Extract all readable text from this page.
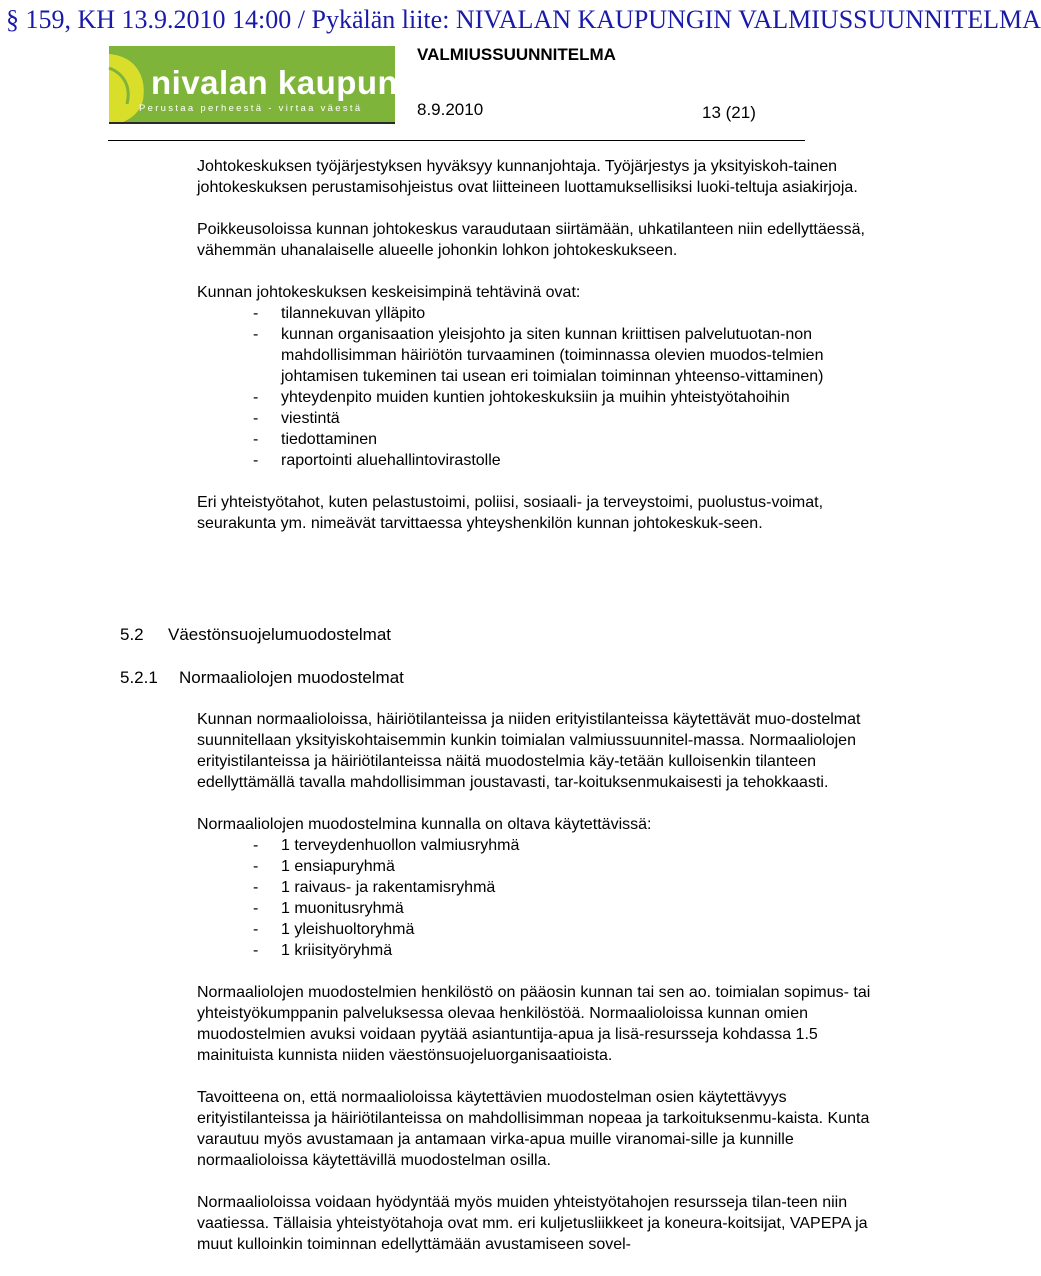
§ 159, KH 13.9.2010 14:00 / Pykälän liite: NIVALAN KAUPUNGIN VALMIUSSUUNNITELMA
nivalan kaupunki
Perustaa perheestä - virtaa väestä
VALMIUSSUUNNITELMA
8.9.2010	13 (21)

Johtokeskuksen työjärjestyksen hyväksyy kunnanjohtaja. Työjärjestys ja yksityiskoh-tainen johtokeskuksen perustamisohjeistus ovat liitteineen luottamuksellisiksi luoki-teltuja asiakirjoja.

Poikkeusoloissa kunnan johtokeskus varaudutaan siirtämään, uhkatilanteen niin edellyttäessä, vähemmän uhanalaiselle alueelle johonkin lohkon johtokeskukseen.

Kunnan johtokeskuksen keskeisimpinä tehtävinä ovat:

- tilannekuvan ylläpito
- kunnan organisaation yleisjohto ja siten kunnan kriittisen palvelutuotan-non mahdollisimman häiriötön turvaaminen (toiminnassa olevien muodos-telmien johtamisen tukeminen tai usean eri toimialan toiminnan yhteenso-vittaminen)
- yhteydenpito muiden kuntien johtokeskuksiin ja muihin yhteistyötahoihin
- viestintä
- tiedottaminen
- raportointi aluehallintovirastolle

Eri yhteistyötahot, kuten pelastustoimi, poliisi, sosiaali- ja terveystoimi, puolustus-voimat, seurakunta ym. nimeävät tarvittaessa yhteyshenkilön kunnan johtokeskuk-seen.

5.2 Väestönsuojelumuodostelmat
5.2.1 Normaaliolojen muodostelmat

Kunnan normaalioloissa, häiriötilanteissa ja niiden erityistilanteissa käytettävät muo-dostelmat suunnitellaan yksityiskohtaisemmin kunkin toimialan valmiussuunnitel-massa. Normaaliolojen erityistilanteissa ja häiriötilanteissa näitä muodostelmia käy-tetään kulloisenkin tilanteen edellyttämällä tavalla mahdollisimman joustavasti, tar-koituksenmukaisesti ja tehokkaasti.

Normaaliolojen muodostelmina kunnalla on oltava käytettävissä:

- 1 terveydenhuollon valmiusryhmä
- 1 ensiapuryhmä
- 1 raivaus- ja rakentamisryhmä
- 1 muonitusryhmä
- 1 yleishuoltoryhmä
- 1 kriisityöryhmä

Normaaliolojen muodostelmien henkilöstö on pääosin kunnan tai sen ao. toimialan sopimus- tai yhteistyökumppanin palveluksessa olevaa henkilöstöä. Normaalioloissa kunnan omien muodostelmien avuksi voidaan pyytää asiantuntija-apua ja lisä-resursseja kohdassa 1.5 mainituista kunnista niiden väestönsuojeluorganisaatioista.

Tavoitteena on, että normaalioloissa käytettävien muodostelman osien käytettävyys erityistilanteissa ja häiriötilanteissa on mahdollisimman nopeaa ja tarkoituksenmu-kaista. Kunta varautuu myös avustamaan ja antamaan virka-apua muille viranomai-sille ja kunnille normaalioloissa käytettävillä muodostelman osilla.

Normaalioloissa voidaan hyödyntää myös muiden yhteistyötahojen resursseja tilan-teen niin vaatiessa. Tällaisia yhteistyötahoja ovat mm. eri kuljetusliikkeet ja koneura-koitsijat, VAPEPA ja muut kulloinkin toiminnan edellyttämään avustamiseen sovel-
